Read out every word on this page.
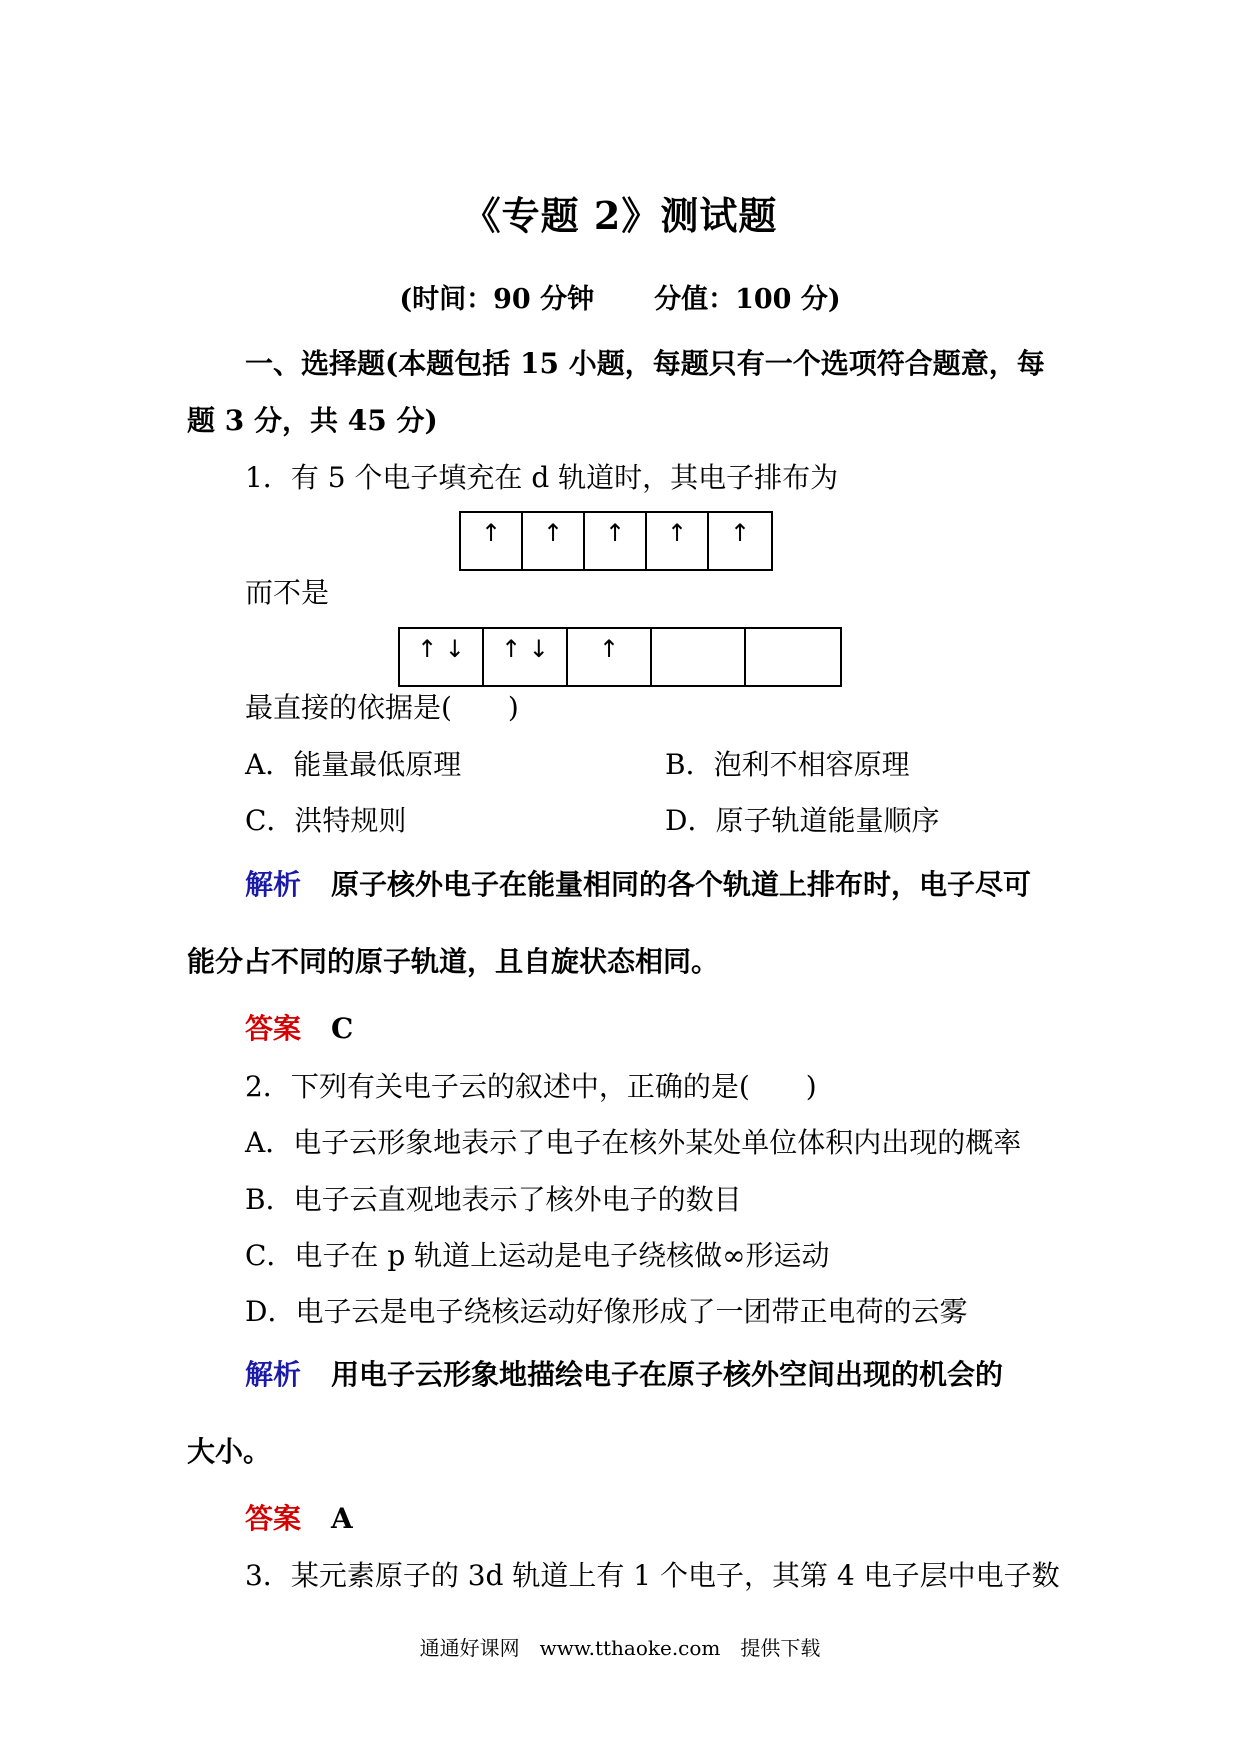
《专题 2》测试题
(时间：90 分钟 分值：100 分)
一、选择题(本题包括 15 小题，每题只有一个选项符合题意，每
题 3 分，共 45 分)
1．有 5 个电子填充在 d 轨道时，其电子排布为
↑	↑	↑	↑	↑
而不是
↑ ↓	↑ ↓	↑
最直接的依据是(　　)
A．能量最低原理	B．泡利不相容原理
C．洪特规则	D．原子轨道能量顺序
解析 原子核外电子在能量相同的各个轨道上排布时，电子尽可
能分占不同的原子轨道，且自旋状态相同。
答案 C
2．下列有关电子云的叙述中，正确的是(　　)
A．电子云形象地表示了电子在核外某处单位体积内出现的概率
B．电子云直观地表示了核外电子的数目
C．电子在 p 轨道上运动是电子绕核做∞形运动
D．电子云是电子绕核运动好像形成了一团带正电荷的云雾
解析 用电子云形象地描绘电子在原子核外空间出现的机会的
大小。
答案 A
3．某元素原子的 3d 轨道上有 1 个电子，其第 4 电子层中电子数
通通好课网　www.tthaoke.com　提供下载
